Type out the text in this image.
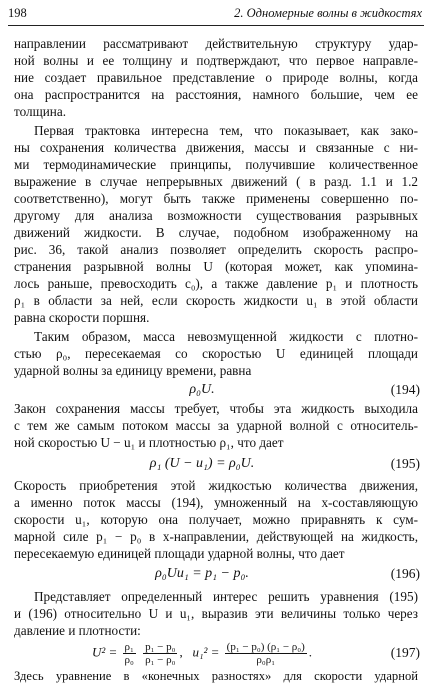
198	2. Одномерные волны в жидкостях
направлении рассматривают действительную структуру удар-
ной волны и ее толщину и подтверждают, что первое направле-
ние создает правильное представление о природе волны, когда
она распространится на расстояния, намного большие, чем ее
толщина.
Первая трактовка интересна тем, что показывает, как зако-
ны сохранения количества движения, массы и связанные с ни-
ми термодинамические принципы, получившие количественное
выражение в случае непрерывных движений ( в разд. 1.1 и 1.2
соответственно), могут быть также применены совершенно по-
другому для анализа возможности существования разрывных
движений жидкости. В случае, подобном изображенному на
рис. 36, такой анализ позволяет определить скорость распро-
странения разрывной волны U (которая может, как упомина-
лось раньше, превосходить c₀), а также давление p₁ и плотность
ρ₁ в области за ней, если скорость жидкости u₁ в этой области
равна скорости поршня.
Таким образом, масса невозмущенной жидкости с плотно-
стью ρ₀, пересекаемая со скоростью U единицей площади
ударной волны за единицу времени, равна
ρ₀U.	(194)
Закон сохранения массы требует, чтобы эта жидкость выходила
с тем же самым потоком массы за ударной волной с относитель-
ной скоростью U − u₁ и плотностью ρ₁, что дает
ρ₁ (U − u₁) = ρ₀U.	(195)
Скорость приобретения этой жидкостью количества движения,
а именно поток массы (194), умноженный на x-составляющую
скорости u₁, которую она получает, можно приравнять к сум-
марной силе p₁ − p₀ в x-направлении, действующей на жидкость,
пересекаемую единицей площади ударной волны, что дает
ρ₀Uu₁ = p₁ − p₀.	(196)
Представляет определенный интерес решить уравнения (195)
и (196) относительно U и u₁, выразив эти величины только через
давление и плотности:
$U^2 = \frac{\text{ρ₁}}{\text{ρ₀}}$
$\frac{\text{p₁ − p₀}}{\text{ρ₁ − ρ₀}}$ , $u_1^2 = \frac{\text{(p₁ − p₀) (ρ₁ − ρ₀)}}{\text{ρ₀ρ₁}}$ .	(197)
Здесь уравнение в «конечных разностях» для скорости ударной
